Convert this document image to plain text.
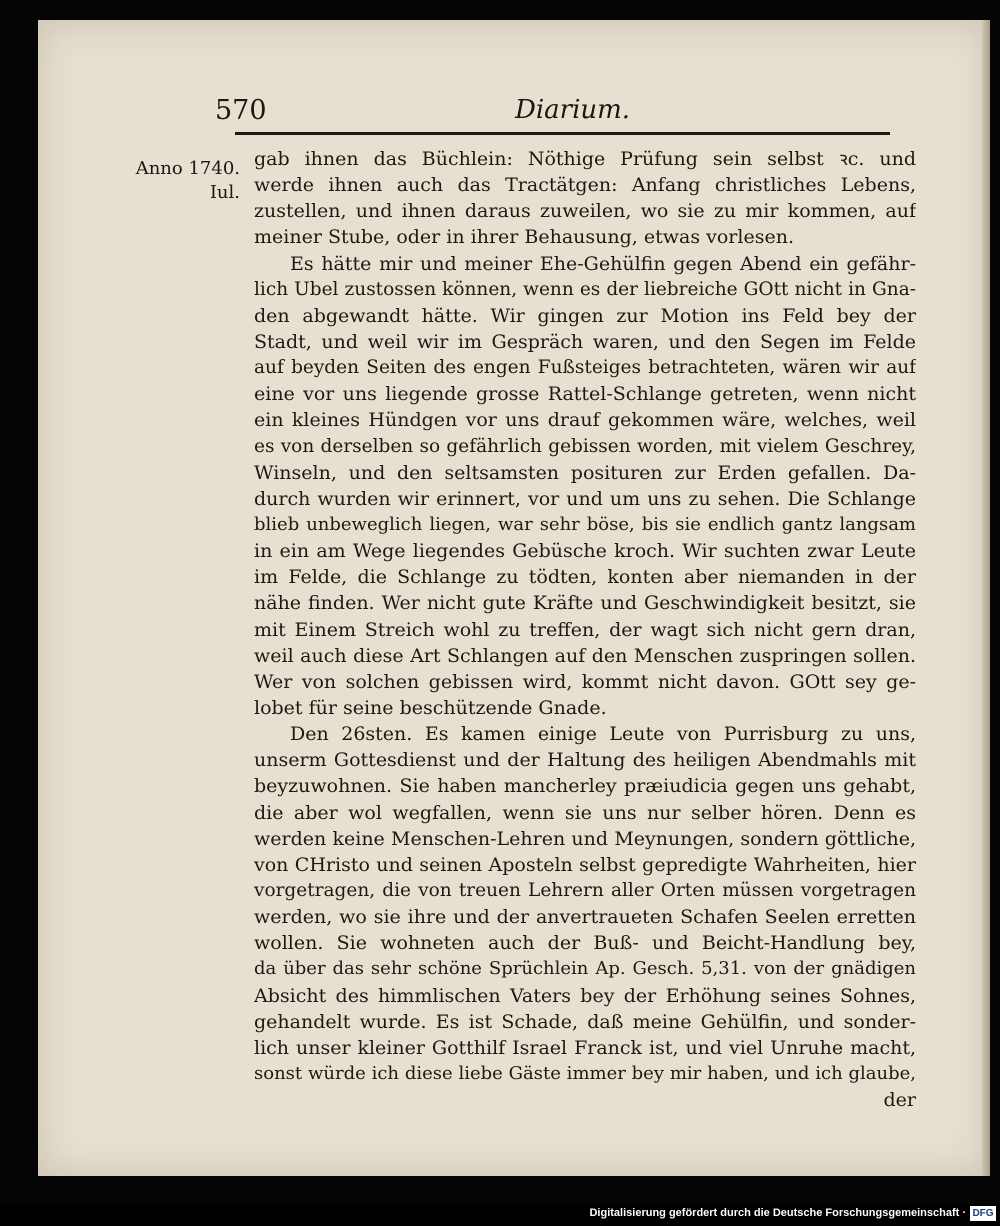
570	Diarium.
Anno 1740.
Iul.
gab ihnen das Büchlein: Nöthige Prüfung sein selbst ꝛc. und
werde ihnen auch das Tractätgen: Anfang christliches Lebens,
zustellen, und ihnen daraus zuweilen, wo sie zu mir kommen, auf
meiner Stube, oder in ihrer Behausung, etwas vorlesen.
Es hätte mir und meiner Ehe-Gehülfin gegen Abend ein gefähr-
lich Ubel zustossen können, wenn es der liebreiche GOtt nicht in Gna-
den abgewandt hätte. Wir gingen zur Motion ins Feld bey der
Stadt, und weil wir im Gespräch waren, und den Segen im Felde
auf beyden Seiten des engen Fußsteiges betrachteten, wären wir auf
eine vor uns liegende grosse Rattel-Schlange getreten, wenn nicht
ein kleines Hündgen vor uns drauf gekommen wäre, welches, weil
es von derselben so gefährlich gebissen worden, mit vielem Geschrey,
Winseln, und den seltsamsten posituren zur Erden gefallen. Da-
durch wurden wir erinnert, vor und um uns zu sehen. Die Schlange
blieb unbeweglich liegen, war sehr böse, bis sie endlich gantz langsam
in ein am Wege liegendes Gebüsche kroch. Wir suchten zwar Leute
im Felde, die Schlange zu tödten, konten aber niemanden in der
nähe finden. Wer nicht gute Kräfte und Geschwindigkeit besitzt, sie
mit Einem Streich wohl zu treffen, der wagt sich nicht gern dran,
weil auch diese Art Schlangen auf den Menschen zuspringen sollen.
Wer von solchen gebissen wird, kommt nicht davon. GOtt sey ge-
lobet für seine beschützende Gnade.
Den 26sten. Es kamen einige Leute von Purrisburg zu uns,
unserm Gottesdienst und der Haltung des heiligen Abendmahls mit
beyzuwohnen. Sie haben mancherley præiudicia gegen uns gehabt,
die aber wol wegfallen, wenn sie uns nur selber hören. Denn es
werden keine Menschen-Lehren und Meynungen, sondern göttliche,
von CHristo und seinen Aposteln selbst gepredigte Wahrheiten, hier
vorgetragen, die von treuen Lehrern aller Orten müssen vorgetragen
werden, wo sie ihre und der anvertraueten Schafen Seelen erretten
wollen. Sie wohneten auch der Buß- und Beicht-Handlung bey,
da über das sehr schöne Sprüchlein Ap. Gesch. 5,31. von der gnädigen
Absicht des himmlischen Vaters bey der Erhöhung seines Sohnes,
gehandelt wurde. Es ist Schade, daß meine Gehülfin, und sonder-
lich unser kleiner Gotthilf Israel Franck ist, und viel Unruhe macht,
sonst würde ich diese liebe Gäste immer bey mir haben, und ich glaube,
der
Digitalisierung gefördert durch die Deutsche Forschungsgemeinschaft · DFG
